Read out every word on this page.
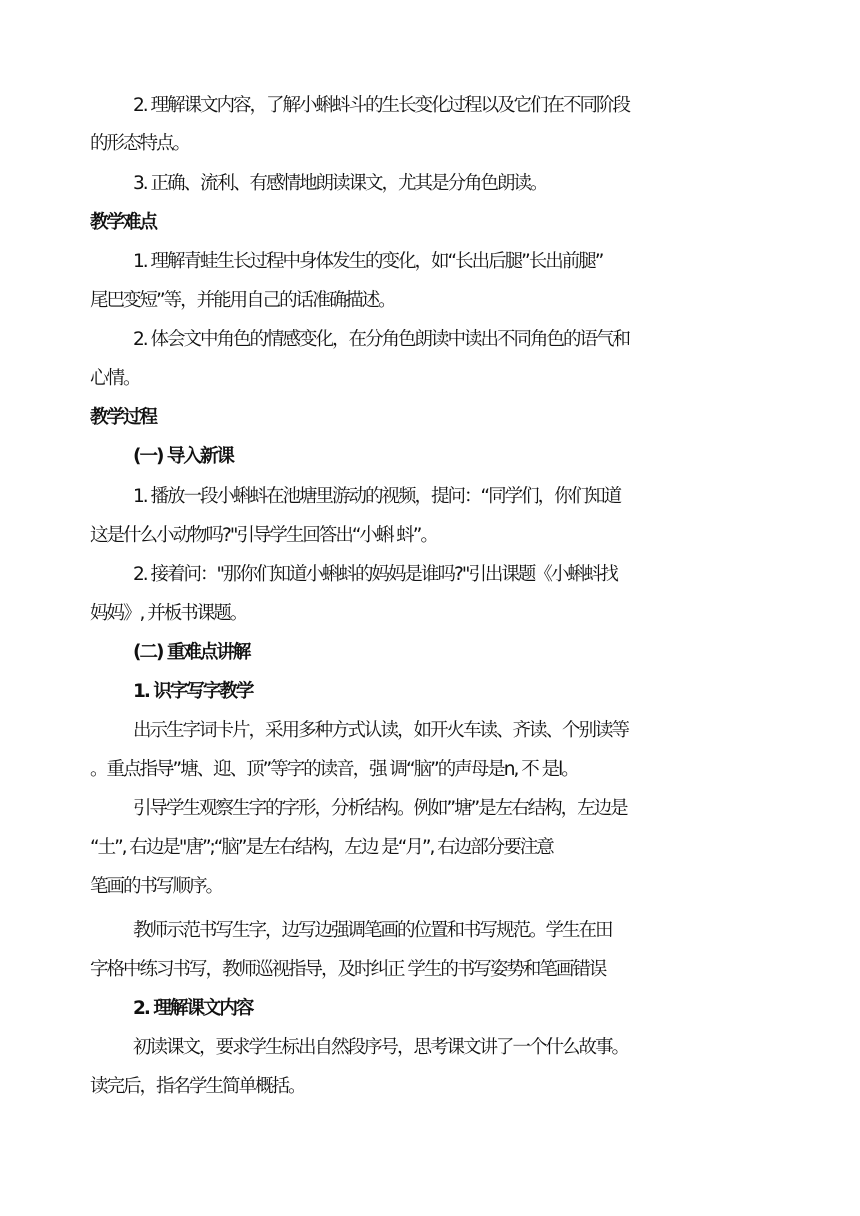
2. 理解课文内容，了解小蝌蚪斗的生长变化过程以及它们在不同阶段
的形态特点。
3. 正确、流利、有感情地朗读课文，尤其是分角色朗读。
教学难点
1. 理解青蛙生长过程中身体发生的变化，如“长出后腿”长出前腿”
尾巴变短”等，并能用自己的话准确描述。
2. 体会文中角色的情感变化，在分角色朗读中读出不同角色的语气和
心情。
教学过程
(一) 导入新课
1. 播放一段小蝌蚪在池塘里游动的视频，提问：“同学们，你们知道
这是什么小动物吗?"引导学生回答出“小蝌 蚪”。
2. 接着问："那你们知道小蝌蚪的妈妈是谁吗?"引出课题《小蝌蚪找
妈妈》, 并板书课题。
(二) 重难点讲解
1. 识字写字教学
出示生字词卡片，采用多种方式认读，如开火车读、齐读、个别读等
。重点指导”塘、迎、顶”等字的读音，强 调“脑”的声母是n, 不 是l。
引导学生观察生字的字形，分析结构。例如”塘”是左右结构，左边是
“土”, 右边是"唐”;“脑”是左右结构，左边 是“月”, 右边部分要注意
笔画的书写顺序。
教师示范书写生字，边写边强调笔画的位置和书写规范。学生在田
字格中练习书写，教师巡视指导，及时纠正 学生的书写姿势和笔画错误
2. 理解课文内容
初读课文，要求学生标出自然段序号，思考课文讲了一个什么故事。
读完后，指名学生简单概括。
